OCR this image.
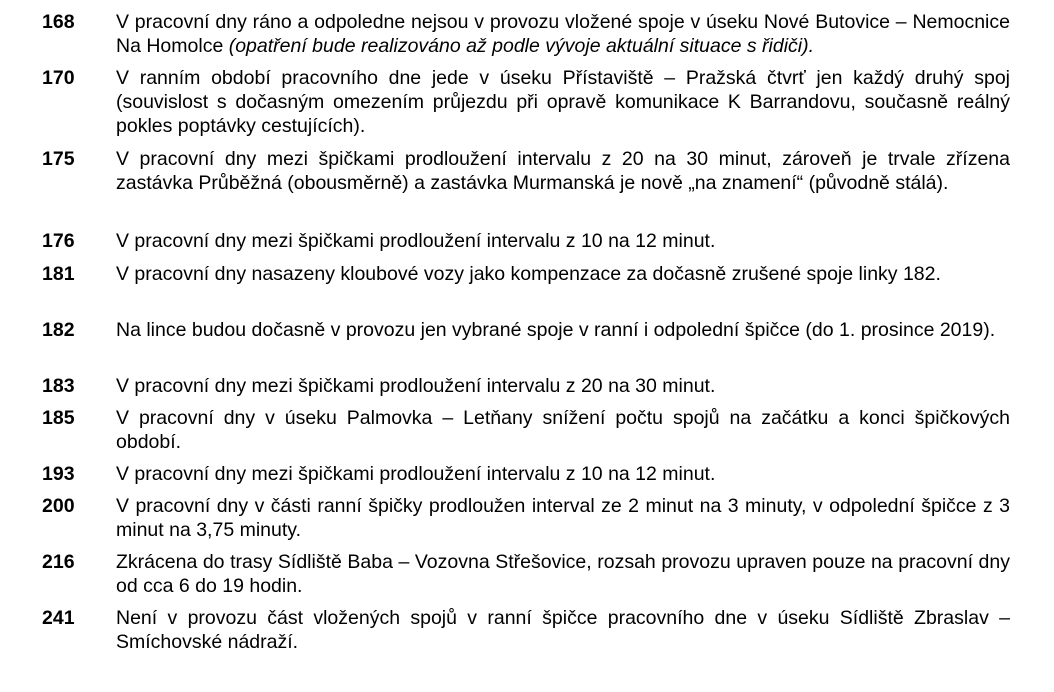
168 V pracovní dny ráno a odpoledne nejsou v provozu vložené spoje v úseku Nové Butovice – Nemocnice Na Homolce (opatření bude realizováno až podle vývoje aktuální situace s řidiči).
170 V ranním období pracovního dne jede v úseku Přístaviště – Pražská čtvrť jen každý druhý spoj (souvislost s dočasným omezením průjezdu při opravě komunikace K Barrandovu, současně reálný pokles poptávky cestujících).
175 V pracovní dny mezi špičkami prodloužení intervalu z 20 na 30 minut, zároveň je trvale zřízena zastávka Průběžná (obousměrně) a zastávka Murmanská je nově „na znamení“ (původně stálá).
176 V pracovní dny mezi špičkami prodloužení intervalu z 10 na 12 minut.
181 V pracovní dny nasazeny kloubové vozy jako kompenzace za dočasně zrušené spoje linky 182.
182 Na lince budou dočasně v provozu jen vybrané spoje v ranní i odpolední špičce (do 1. prosince 2019).
183 V pracovní dny mezi špičkami prodloužení intervalu z 20 na 30 minut.
185 V pracovní dny v úseku Palmovka – Letňany snížení počtu spojů na začátku a konci špičkových období.
193 V pracovní dny mezi špičkami prodloužení intervalu z 10 na 12 minut.
200 V pracovní dny v části ranní špičky prodloužen interval ze 2 minut na 3 minuty, v odpolední špičce z 3 minut na 3,75 minuty.
216 Zkrácena do trasy Sídliště Baba – Vozovna Střešovice, rozsah provozu upraven pouze na pracovní dny od cca 6 do 19 hodin.
241 Není v provozu část vložených spojů v ranní špičce pracovního dne v úseku Sídliště Zbraslav – Smíchovské nádraží.
